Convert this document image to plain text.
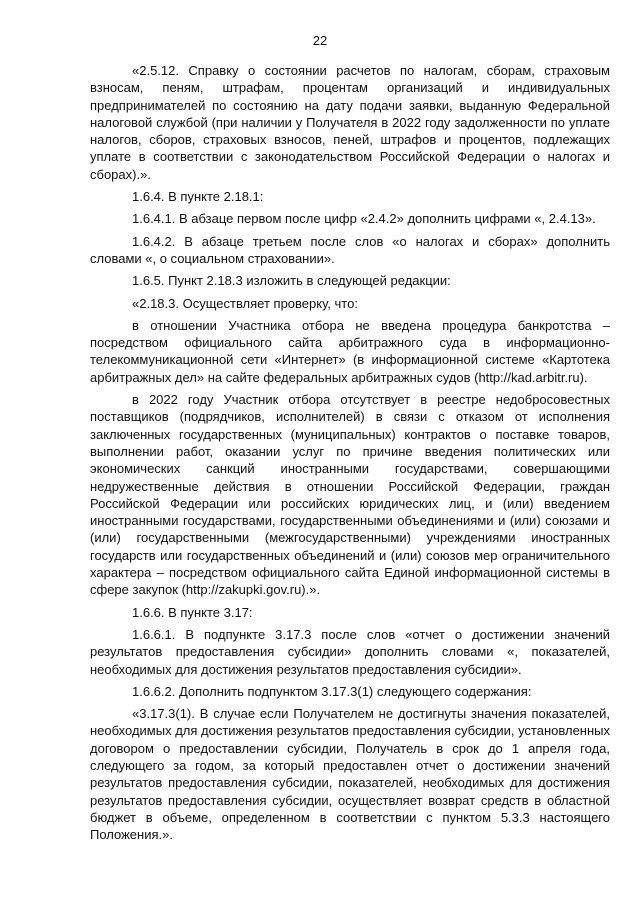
22

«2.5.12. Справку о состоянии расчетов по налогам, сборам, страховым взносам, пеням, штрафам, процентам организаций и индивидуальных предпринимателей по состоянию на дату подачи заявки, выданную Федеральной налоговой службой (при наличии у Получателя в 2022 году задолженности по уплате налогов, сборов, страховых взносов, пеней, штрафов и процентов, подлежащих уплате в соответствии с законодательством Российской Федерации о налогах и сборах).».

1.6.4. В пункте 2.18.1:

1.6.4.1. В абзаце первом после цифр «2.4.2» дополнить цифрами «, 2.4.13».

1.6.4.2. В абзаце третьем после слов «о налогах и сборах» дополнить словами «, о социальном страховании».

1.6.5. Пункт 2.18.3 изложить в следующей редакции:

«2.18.3. Осуществляет проверку, что:

в отношении Участника отбора не введена процедура банкротства – посредством официального сайта арбитражного суда в информационно-телекоммуникационной сети «Интернет» (в информационной системе «Картотека арбитражных дел» на сайте федеральных арбитражных судов (http://kad.arbitr.ru).

в 2022 году Участник отбора отсутствует в реестре недобросовестных поставщиков (подрядчиков, исполнителей) в связи с отказом от исполнения заключенных государственных (муниципальных) контрактов о поставке товаров, выполнении работ, оказании услуг по причине введения политических или экономических санкций иностранными государствами, совершающими недружественные действия в отношении Российской Федерации, граждан Российской Федерации или российских юридических лиц, и (или) введением иностранными государствами, государственными объединениями и (или) союзами и (или) государственными (межгосударственными) учреждениями иностранных государств или государственных объединений и (или) союзов мер ограничительного характера – посредством официального сайта Единой информационной системы в сфере закупок (http://zakupki.gov.ru).».

1.6.6. В пункте 3.17:

1.6.6.1. В подпункте 3.17.3 после слов «отчет о достижении значений результатов предоставления субсидии» дополнить словами «, показателей, необходимых для достижения результатов предоставления субсидии».

1.6.6.2. Дополнить подпунктом 3.17.3(1) следующего содержания:

«3.17.3(1). В случае если Получателем не достигнуты значения показателей, необходимых для достижения результатов предоставления субсидии, установленных договором о предоставлении субсидии, Получатель в срок до 1 апреля года, следующего за годом, за который предоставлен отчет о достижении значений результатов предоставления субсидии, показателей, необходимых для достижения результатов предоставления субсидии, осуществляет возврат средств в областной бюджет в объеме, определенном в соответствии с пунктом 5.3.3 настоящего Положения.».
